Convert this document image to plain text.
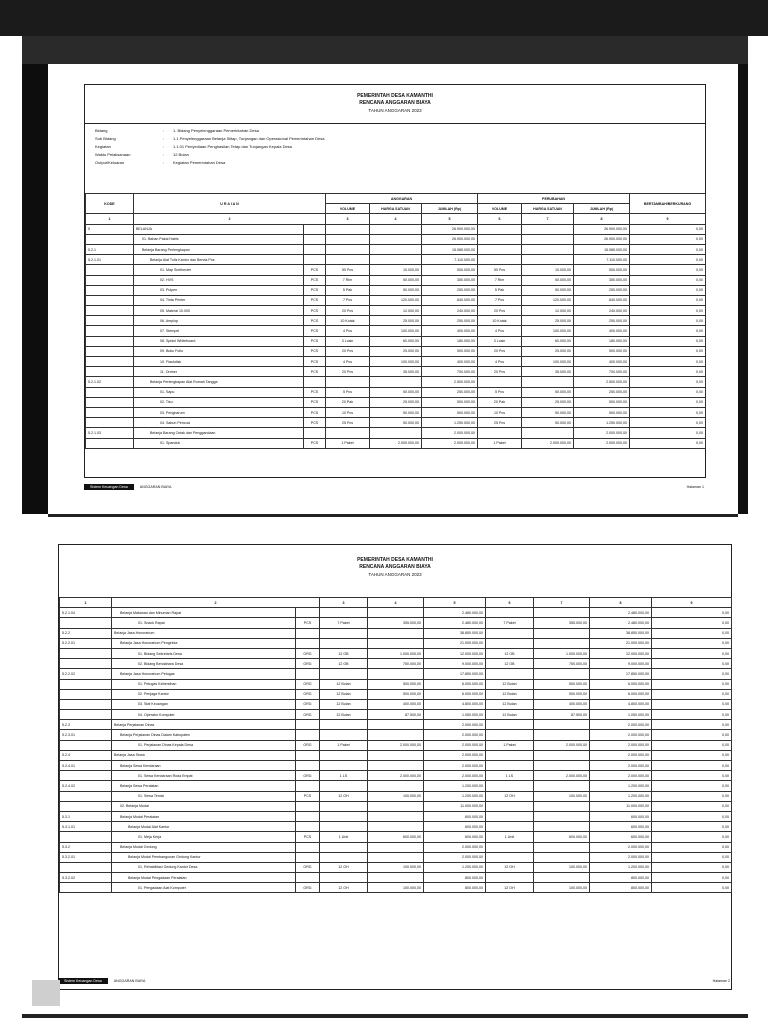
PEMERINTAH DESA KAMANTHI
RENCANA ANGGARAN BIAYA
TAHUN ANGGARAN 2023
Bidang	:	1. Bidang Penyelenggaraan Pemerintahan Desa
Sub Bidang	:	1.1 Penyelenggaraan Belanja Siltap, Tunjangan dan Operasional Pemerintahan Desa
Kegiatan	:	1.1.01 Penyediaan Penghasilan Tetap dan Tunjangan Kepala Desa
Waktu Pelaksanaan	:	12 Bulan
Output/Keluaran	:	Kegiatan Pemerintahan Desa
KODE	U R A I A N		ANGGARAN			PERUBAHAN			BERTAMBAH/BERKURANG
			VOLUME	HARGA SATUAN	JUMLAH (Rp)	VOLUME	HARGA SATUAN	JUMLAH (Rp)	
1	2		3	4	5	6	7	8	9
5	BELANJA				26.900.000,00			26.900.000,00	0,00
	01. Bahan Pakai Habis				26.900.000,00			26.900.000,00	0,00
5.2.1	Belanja Barang Perlengkapan				15.985.000,00			15.985.000,00	0,00
5.2.1.01	Belanja Alat Tulis Kantor dan Benda Pos				7.110.000,00			7.110.000,00	0,00
	01. Map Snelhecter	PCS	50 Pcs	10.000,00	500.000,00	50 Pcs	10.000,00	500.000,00	0,00
	02. HVS	PCS	7 Rim	50.000,00	350.000,00	7 Rim	50.000,00	350.000,00	0,00
	03. Pulpen	PCS	5 Pak	50.000,00	250.000,00	5 Pak	50.000,00	250.000,00	0,00
	04. Tinta Printer	PCS	7 Pcs	120.000,00	840.000,00	7 Pcs	120.000,00	840.000,00	0,00
	05. Materai 10.000	PCS	20 Pcs	12.000,00	240.000,00	20 Pcs	12.000,00	240.000,00	0,00
	06. Amplop	PCS	10 Kotak	25.000,00	250.000,00	10 Kotak	25.000,00	250.000,00	0,00
	07. Stempel	PCS	4 Pcs	100.000,00	400.000,00	4 Pcs	100.000,00	400.000,00	0,00
	08. Spidol Whiteboard	PCS	3 Lusin	60.000,00	180.000,00	3 Lusin	60.000,00	180.000,00	0,00
	09. Buku Folio	PCS	20 Pcs	25.000,00	500.000,00	20 Pcs	25.000,00	500.000,00	0,00
	10. Flashdisk	PCS	4 Pcs	100.000,00	400.000,00	4 Pcs	100.000,00	400.000,00	0,00
	11. Ordner	PCS	20 Pcs	35.000,00	700.000,00	20 Pcs	35.000,00	700.000,00	0,00
5.2.1.02	Belanja Perlengkapan Alat Rumah Tangga				2.500.000,00			2.500.000,00	0,00
	01. Sapu	PCS	5 Pcs	50.000,00	250.000,00	5 Pcs	50.000,00	250.000,00	0,00
	02. Tisu	PCS	20 Pak	25.000,00	500.000,00	20 Pak	25.000,00	500.000,00	0,00
	03. Pengharum	PCS	10 Pcs	50.000,00	500.000,00	10 Pcs	50.000,00	500.000,00	0,00
	04. Sabun Pencuci	PCS	25 Pcs	50.000,00	1.250.000,00	25 Pcs	50.000,00	1.250.000,00	0,00
5.2.1.03	Belanja Barang Cetak dan Penggandaan				2.000.000,00			2.000.000,00	0,00
	01. Spanduk	PCS	1 Paket	2.000.000,00	2.000.000,00	1 Paket	2.000.000,00	2.000.000,00	0,00
Sistem Keuangan Desa	ANGGARAN BIAYA	Halaman 1
PEMERINTAH DESA KAMANTHI
RENCANA ANGGARAN BIAYA
TAHUN ANGGARAN 2023
1	2		3	4	5	6	7	8	9
5.2.1.04	Belanja Makanan dan Minuman Rapat				2.480.000,00			2.480.000,00	0,00
	01. Snack Rapat	PCS	7 Paket	355.000,00	2.480.000,00	7 Paket	355.000,00	2.480.000,00	0,00
5.2.2	Belanja Jasa Honorarium				38.850.000,00			38.850.000,00	0,00
5.2.2.01	Belanja Jasa Honorarium Pengelola				21.000.000,00			21.000.000,00	0,00
	01. Bidang Sekretaris Desa	ORG	12 OB	1.000.000,00	12.000.000,00	12 OB	1.000.000,00	12.000.000,00	0,00
	02. Bidang Bendahara Desa	ORG	12 OB	750.000,00	9.000.000,00	12 OB	750.000,00	9.000.000,00	0,00
5.2.2.02	Belanja Jasa Honorarium Petugas				17.850.000,00			17.850.000,00	0,00
	01. Petugas Kebersihan	ORG	12 Bulan	500.000,00	6.000.000,00	12 Bulan	500.000,00	6.000.000,00	0,00
	02. Penjaga Kantor	ORG	12 Bulan	500.000,00	6.000.000,00	12 Bulan	500.000,00	6.000.000,00	0,00
	03. Staf Keuangan	ORG	12 Bulan	400.000,00	4.800.000,00	12 Bulan	400.000,00	4.800.000,00	0,00
	04. Operator Komputer	ORG	12 Bulan	87.500,00	1.050.000,00	12 Bulan	87.500,00	1.050.000,00	0,00
5.2.3	Belanja Perjalanan Dinas				2.000.000,00			2.000.000,00	0,00
5.2.3.01	Belanja Perjalanan Dinas Dalam Kabupaten				2.000.000,00			2.000.000,00	0,00
	01. Perjalanan Dinas Kepala Desa	ORG	1 Paket	2.000.000,00	2.000.000,00	1 Paket	2.000.000,00	2.000.000,00	0,00
5.2.4	Belanja Jasa Sewa				2.000.000,00			2.000.000,00	0,00
5.2.4.01	Belanja Sewa Kendaraan				2.000.000,00			2.000.000,00	0,00
	01. Sewa Kendaraan Roda Empat	ORG	1 LS	2.000.000,00	2.000.000,00	1 LS	2.000.000,00	2.000.000,00	0,00
5.2.4.02	Belanja Sewa Peralatan				1.200.000,00			1.200.000,00	0,00
	01. Sewa Tenda	PCS	12 OH	100.000,00	1.200.000,00	12 OH	100.000,00	1.200.000,00	0,00
	02. Belanja Modal				11.000.000,00			11.000.000,00	0,00
5.3.1	Belanja Modal Peralatan				600.000,00			600.000,00	0,00
5.3.1.01	Belanja Modal Alat Kantor				600.000,00			600.000,00	0,00
	01. Meja Kerja	PCS	1 Unit	600.000,00	600.000,00	1 Unit	600.000,00	600.000,00	0,00
5.3.2	Belanja Modal Gedung				2.000.000,00			2.000.000,00	0,00
5.3.2.01	Belanja Modal Pembangunan Gedung Kantor				2.000.000,00			2.000.000,00	0,00
	01. Rehabilitasi Gedung Kantor Desa	ORG	12 OH	100.000,00	1.200.000,00	12 OH	100.000,00	1.200.000,00	0,00
5.3.2.02	Belanja Modal Pengadaan Peralatan				800.000,00			800.000,00	0,00
	01. Pengadaan Alat Komputer	ORG	12 OH	100.000,00	800.000,00	12 OH	100.000,00	800.000,00	0,00
Sistem Keuangan Desa	ANGGARAN BIAYA	Halaman 2
